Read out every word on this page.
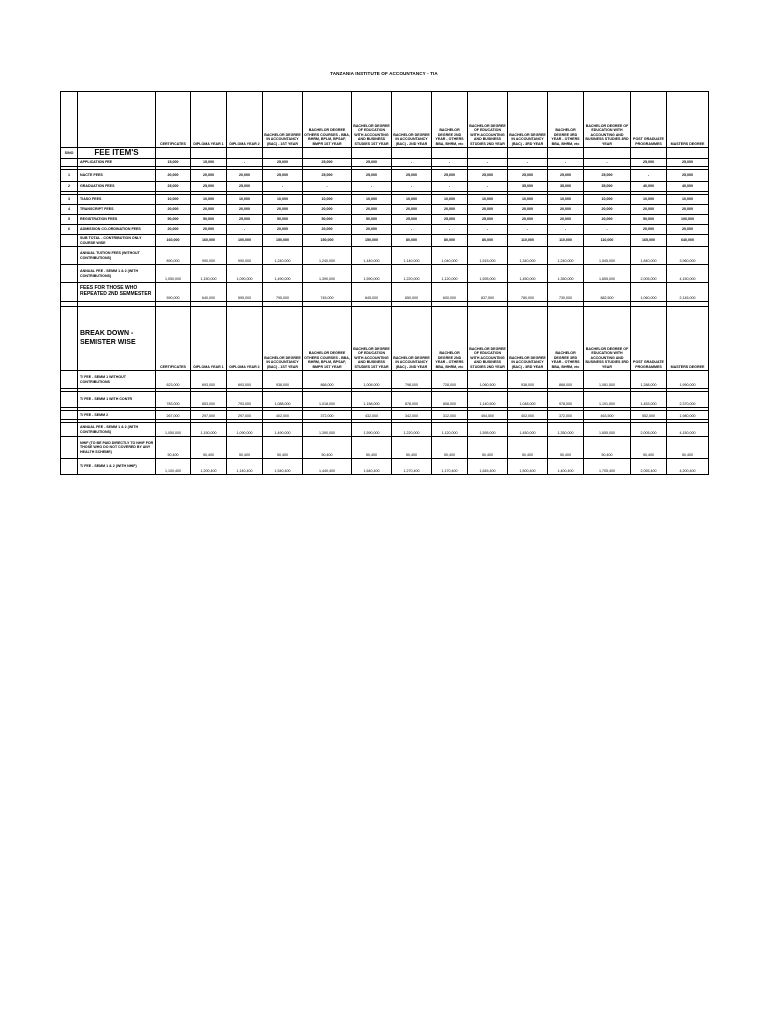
TANZANIA INSTITUTE OF ACCOUNTANCY - TIA
		CERTIFICATES	DIPLOMA YEAR 1	DIPLOMA YEAR 2	BACHELOR DEGREE IN ACCOUNTANCY (BAC) - 1ST YEAR	BACHELOR DEGREE OTHERS COURSES - BBA, BHRM, BPLM, BPSAF, BMPR 1ST YEAR	BACHELOR DEGREE OF EDUCATION WITH ACCOUNTING AND BUSINESS STUDIES 1ST YEAR	BACHELOR DEGREE IN ACCOUNTANCY (BAC) - 2ND YEAR	BACHELOR DEGREE 2ND YEAR - OTHERS BBA, BHRM, etc	BACHELOR DEGREE OF EDUCATION WITH ACCOUNTING AND BUSINESS STUDIES 2ND YEAR	BACHELOR DEGREE IN ACCOUNTANCY (BAC) - 3RD YEAR	BACHELOR DEGREE 3RD YEAR - OTHERS BBA, BHRM, etc	BACHELOR DEGREE OF EDUCATION WITH ACCOUNTING AND BUSINESS STUDIES 3RD YEAR	POST GRADUATE PROGRAMMES	MASTERS DEGREE
S/NO	FEE ITEM'S														
	APPLICATION FEE	15,000	15,000	-	25,000	25,000	25,000	-	-	-	-	-	-	25,000	25,000

1	NACTE FEES	20,000	20,000	20,000	25,000	25,000	25,000	25,000	25,000	25,000	25,000	25,000	25,000	-	25,000
2	GRADUATION FEES	25,000	25,000	25,000	-	-	-	-	-	-	35,000	35,000	35,000	40,000	40,000

3	TIASO FEES	10,000	10,000	10,000	10,000	10,000	10,000	10,000	10,000	10,000	10,000	10,000	10,000	10,000	10,000
4	TRANSCRIPT FEES	20,000	20,000	20,000	20,000	20,000	20,000	20,000	20,000	20,000	20,000	20,000	20,000	20,000	20,000
5	REGISTRATION FEES	50,000	50,000	25,000	50,000	50,000	50,000	25,000	25,000	25,000	20,000	20,000	20,000	50,000	100,000
6	ADMISSION CO-ORDINATION FEES	20,000	20,000	-	20,000	20,000	20,000	-	-	-	-	-	-	20,000	20,000
	SUB TOTAL - CONTRIBUTION ONLY COURSE WISE	160,000	160,000	100,000	150,000	150,000	150,000	80,000	80,000	80,000	110,000	110,000	110,000	165,000	640,000
	ANNUAL TUITION FEES (WITHOUT CONTRIBUTIONS)	890,000	990,000	990,000	1,240,000	1,240,000	1,440,000	1,140,000	1,040,000	1,515,000	1,340,000	1,240,000	1,545,000	1,840,000	3,960,000
	ANNUAL FEE - SEMM 1 & 2 (WITH CONTRIBUTIONS)	1,050,000	1,150,000	1,090,000	1,490,000	1,390,000	1,590,000	1,220,000	1,120,000	1,595,000	1,450,000	1,350,000	1,655,000	2,005,000	4,150,000
	FEES FOR THOSE WHO REPEATED 2ND SEMMESTER	590,000	640,000	595,000	795,000	745,000	845,000	650,000	600,000	837,500	780,000	730,000	882,500	1,060,000	2,145,000

	BREAK DOWN - SEMISTER WISE	CERTIFICATES	DIPLOMA YEAR 1	DIPLOMA YEAR 2	BACHELOR DEGREE IN ACCOUNTANCY (BAC) - 1ST YEAR	BACHELOR DEGREE OTHERS COURSES - BBA, BHRM, BPLM, BPSAF, BMPR 1ST YEAR	BACHELOR DEGREE OF EDUCATION WITH ACCOUNTING AND BUSINESS STUDIES 1ST YEAR	BACHELOR DEGREE IN ACCOUNTANCY (BAC) - 2ND YEAR	BACHELOR DEGREE 2ND YEAR - OTHERS BBA, BHRM, etc	BACHELOR DEGREE OF EDUCATION WITH ACCOUNTING AND BUSINESS STUDIES 2ND YEAR	BACHELOR DEGREE IN ACCOUNTANCY (BAC) - 3RD YEAR	BACHELOR DEGREE 3RD YEAR - OTHERS BBA, BHRM, etc	BACHELOR DEGREE OF EDUCATION WITH ACCOUNTING AND BUSINESS STUDIES 3RD YEAR	POST GRADUATE PROGRAMMES	MASTERS DEGREE
	T/ FEE - SEMM 1 WITHOUT CONTRIBUTIONS	623,000	693,000	693,000	938,000	868,000	1,008,000	798,000	728,000	1,060,500	938,000	868,000	1,081,500	1,288,000	1,990,000

	T/ FEE - SEMM 1 WITH CONTR	783,000	853,000	793,000	1,088,000	1,018,000	1,158,000	878,000	808,000	1,140,500	1,048,000	978,000	1,191,500	1,453,000	2,370,000

	T/ FEE - SEMM 2	267,000	297,000	297,000	402,000	372,000	432,000	342,000	312,000	454,500	402,000	372,000	463,500	552,000	1,980,000

	ANNUAL FEE - SEMM 1 & 2 (WITH CONTRIBUTIONS)	1,050,000	1,150,000	1,090,000	1,490,000	1,390,000	1,590,000	1,220,000	1,120,000	1,595,000	1,450,000	1,350,000	1,655,000	2,005,000	4,150,000
	NHIF (TO BE PAID DIRECTLY TO NHIF FOR THOSE WHO DO NOT COVERED BY ANY HEALTH SCHEME)	50,400	50,400	50,400	50,400	50,400	50,400	50,400	50,400	50,400	50,400	50,400	50,400	50,400	50,400
	T/ FEE - SEMM 1 & 2 (WITH NHIF)	1,100,400	1,200,400	1,140,400	1,540,400	1,440,400	1,640,400	1,270,400	1,170,400	1,645,400	1,500,400	1,400,400	1,705,400	2,055,400	4,200,400
